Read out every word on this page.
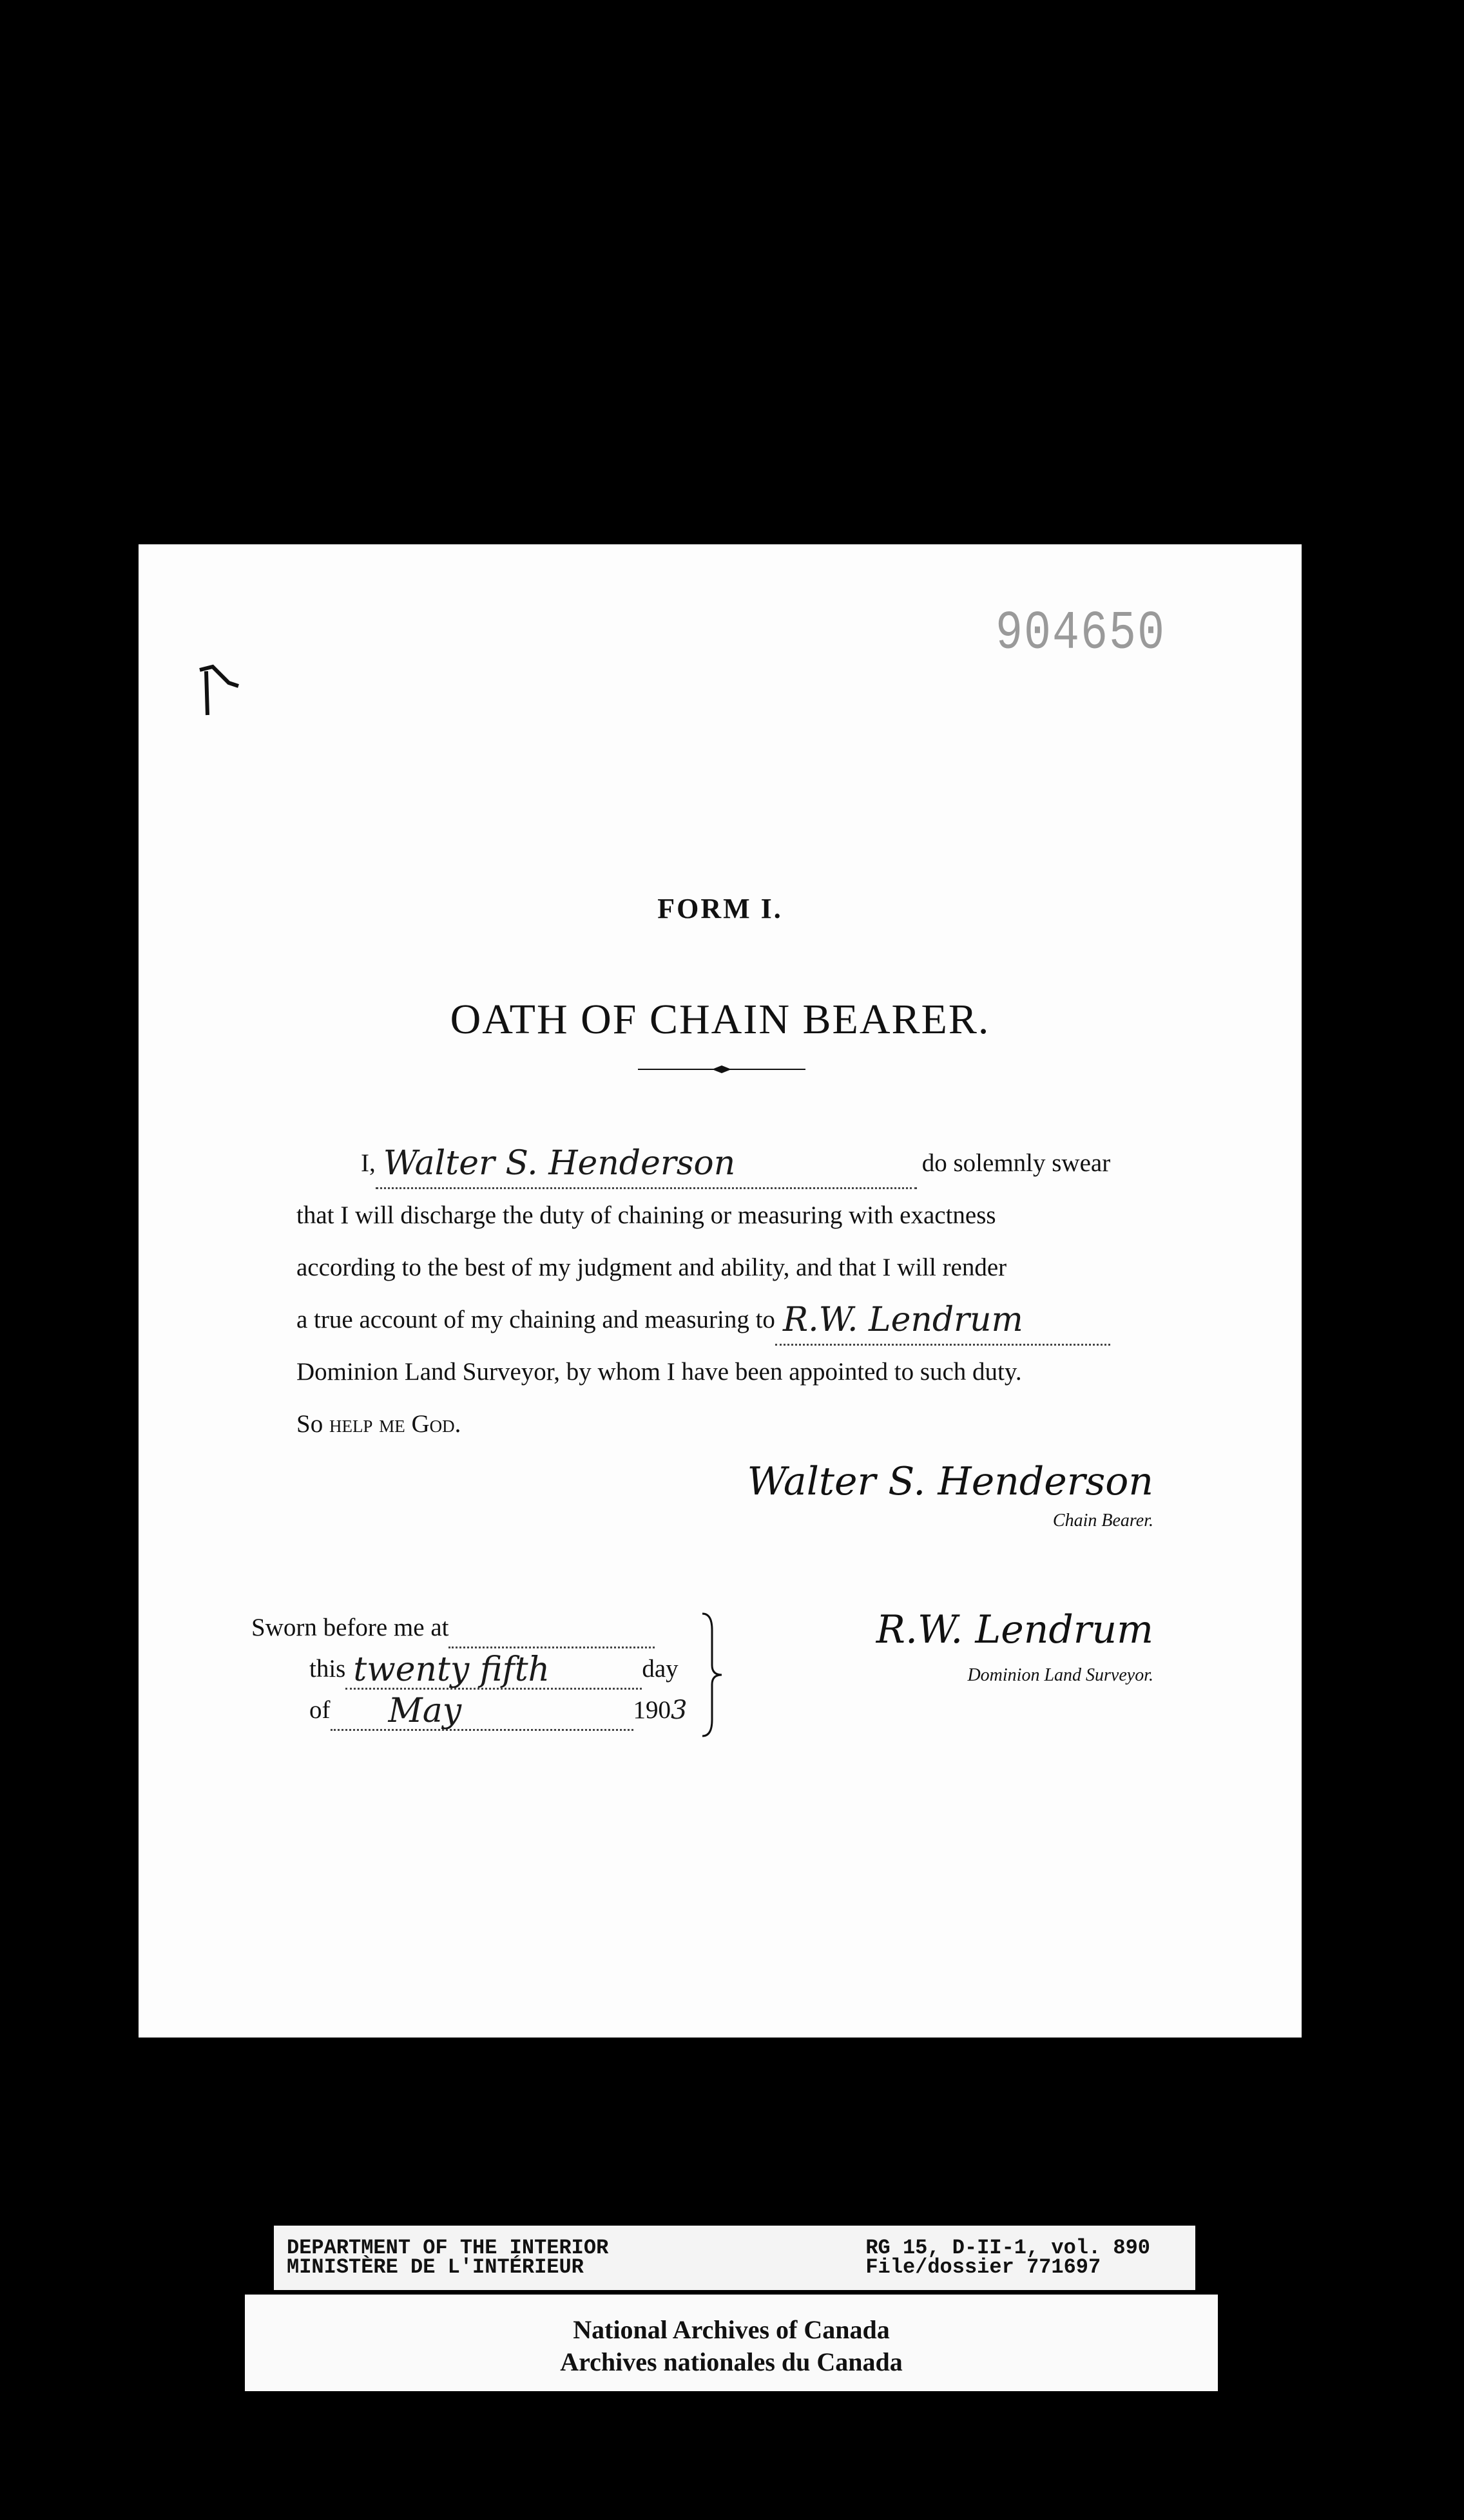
904650
FORM I.
OATH OF CHAIN BEARER.
I, Walter S. Henderson	do solemnly swear
that I will discharge the duty of chaining or measuring with exactness
according to the best of my judgment and ability, and that I will render
a true account of my chaining and measuring to R.W. Lendrum
Dominion Land Surveyor, by whom I have been appointed to such duty.
So
help me God.
Walter S. Henderson
Chain Bearer.
Sworn before me at
this twenty fifth	day
of May	190 3
R.W. Lendrum
Dominion Land Surveyor.
DEPARTMENT OF THE INTERIOR
MINISTÈRE DE L'INTÉRIEUR
RG 15, D-II-1, vol. 890
File/dossier 771697
National Archives of Canada
Archives nationales du Canada
